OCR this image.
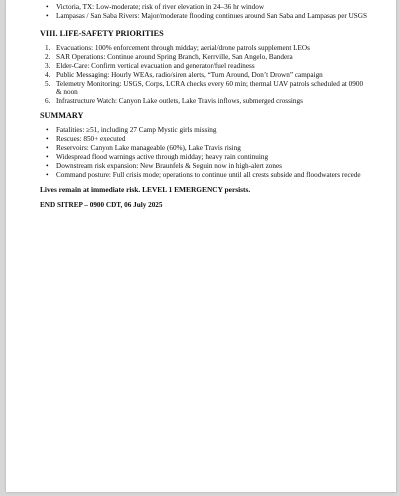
• Victoria, TX: Low-moderate; risk of river elevation in 24–36 hr window
• Lampasas / San Saba Rivers: Major/moderate flooding continues around San Saba and Lampasas per USGS
VIII. LIFE-SAFETY PRIORITIES
1. Evacuations: 100% enforcement through midday; aerial/drone patrols supplement LEOs
2. SAR Operations: Continue around Spring Branch, Kerrville, San Angelo, Bandera
3. Elder-Care: Confirm vertical evacuation and generator/fuel readiness
4. Public Messaging: Hourly WEAs, radio/siren alerts, “Turn Around, Don’t Drown” campaign
5. Telemetry Monitoring: USGS, Corps, LCRA checks every 60 min; thermal UAV patrols scheduled at 0900 & noon
6. Infrastructure Watch: Canyon Lake outlets, Lake Travis inflows, submerged crossings
SUMMARY
• Fatalities: ≥51, including 27 Camp Mystic girls missing
• Rescues: 850+ executed
• Reservoirs: Canyon Lake manageable (60%), Lake Travis rising
• Widespread flood warnings active through midday; heavy rain continuing
• Downstream risk expansion: New Braunfels & Seguin now in high-alert zones
• Command posture: Full crisis mode; operations to continue until all crests subside and floodwaters recede
Lives remain at immediate risk. LEVEL 1 EMERGENCY persists.
END SITREP – 0900 CDT, 06 July 2025
